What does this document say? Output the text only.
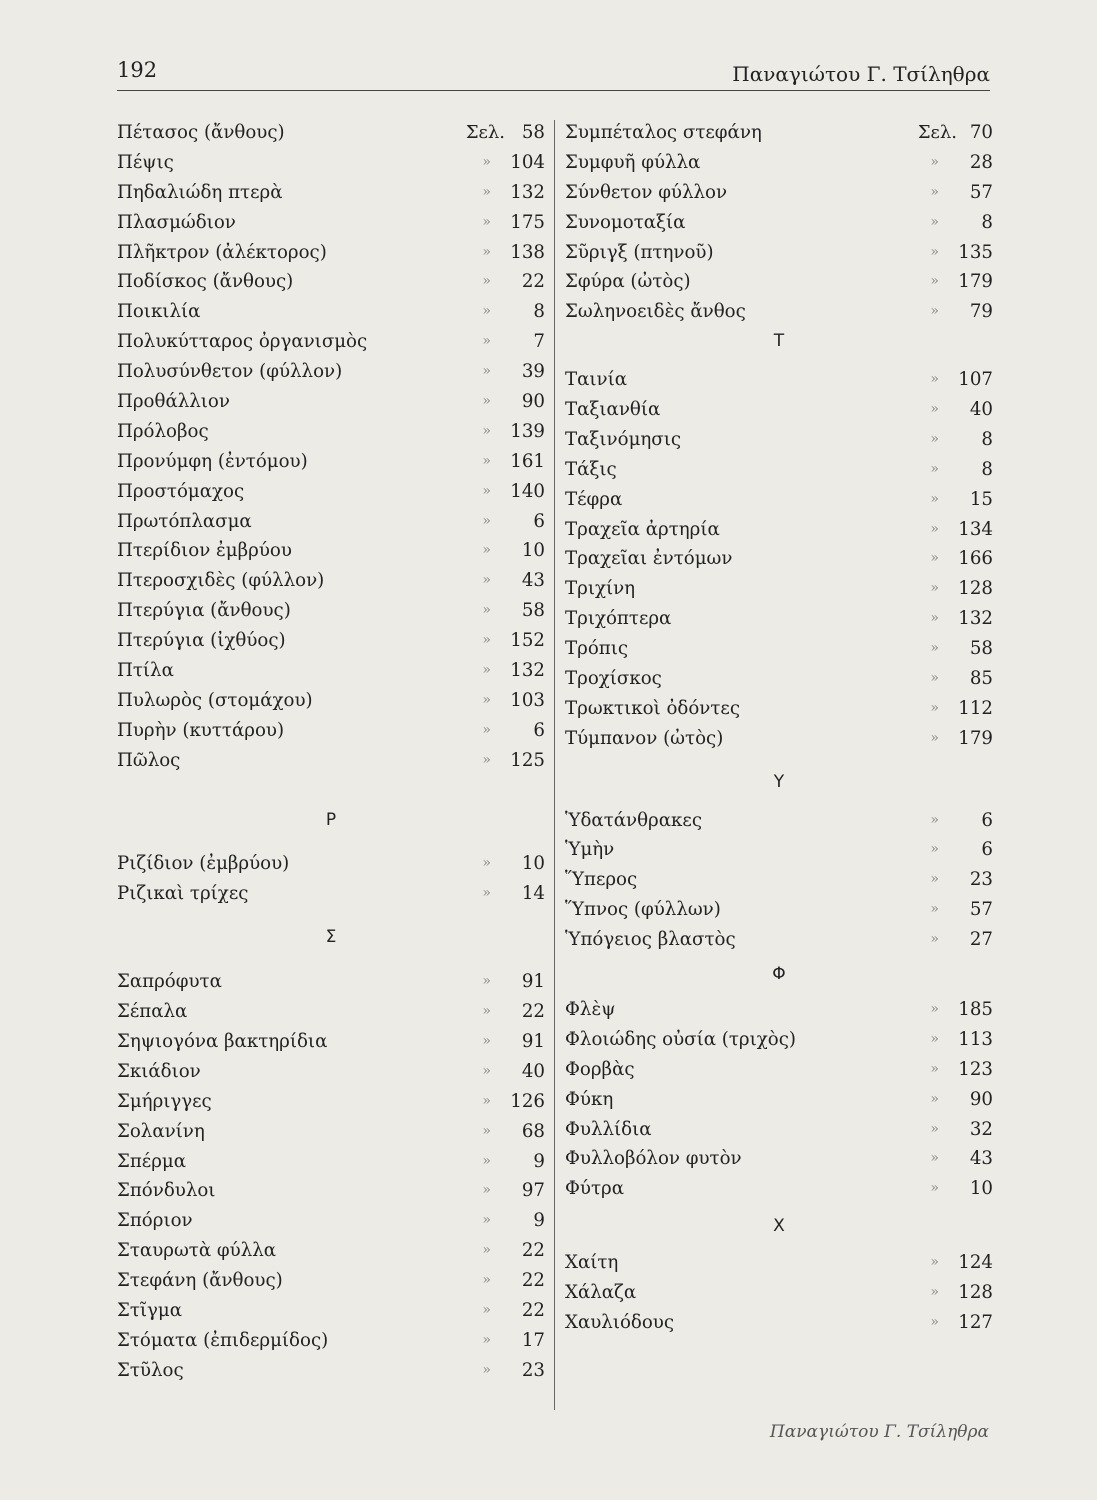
192	Παναγιώτου Γ. Τσίληθρα
Πέτασος (ἄνθους)	Σελ. 58
Πέψις	» 104
Πηδαλιώδη πτερὰ	» 132
Πλασμώδιον	» 175
Πλῆκτρον (ἀλέκτορος)	» 138
Ποδίσκος (ἄνθους)	» 22
Ποικιλία	» 8
Πολυκύτταρος ὀργανισμὸς	» 7
Πολυσύνθετον (φύλλον)	» 39
Προθάλλιον	» 90
Πρόλοβος	» 139
Προνύμφη (ἐντόμου)	» 161
Προστόμαχος	» 140
Πρωτόπλασμα	» 6
Πτερίδιον ἐμβρύου	» 10
Πτεροσχιδὲς (φύλλον)	» 43
Πτερύγια (ἄνθους)	» 58
Πτερύγια (ἰχθύος)	» 152
Πτίλα	» 132
Πυλωρὸς (στομάχου)	» 103
Πυρὴν (κυττάρου)	» 6
Πῶλος	» 125
Ρ
Ριζίδιον (ἐμβρύου)	» 10
Ριζικαὶ τρίχες	» 14
Σ
Σαπρόφυτα	» 91
Σέπαλα	» 22
Σηψιογόνα βακτηρίδια	» 91
Σκιάδιον	» 40
Σμήριγγες	» 126
Σολανίνη	» 68
Σπέρμα	» 9
Σπόνδυλοι	» 97
Σπόριον	» 9
Σταυρωτὰ φύλλα	» 22
Στεφάνη (ἄνθους)	» 22
Στῖγμα	» 22
Στόματα (ἐπιδερμίδος)	» 17
Στῦλος	» 23
Συμπέταλος στεφάνη	Σελ. 70
Συμφυῆ φύλλα	» 28
Σύνθετον φύλλον	» 57
Συνομοταξία	» 8
Σῦριγξ (πτηνοῦ)	» 135
Σφύρα (ὠτὸς)	» 179
Σωληνοειδὲς ἄνθος	» 79
Τ
Ταινία	» 107
Ταξιανθία	» 40
Ταξινόμησις	» 8
Τάξις	» 8
Τέφρα	» 15
Τραχεῖα ἀρτηρία	» 134
Τραχεῖαι ἐντόμων	» 166
Τριχίνη	» 128
Τριχόπτερα	» 132
Τρόπις	» 58
Τροχίσκος	» 85
Τρωκτικοὶ ὀδόντες	» 112
Τύμπανον (ὠτὸς)	» 179
Υ
Ὑδατάνθρακες	» 6
Ὑμὴν	» 6
Ὕπερος	» 23
Ὕπνος (φύλλων)	» 57
Ὑπόγειος βλαστὸς	» 27
Φ
Φλὲψ	» 185
Φλοιώδης οὐσία (τριχὸς)	» 113
Φορβὰς	» 123
Φύκη	» 90
Φυλλίδια	» 32
Φυλλοβόλον φυτὸν	» 43
Φύτρα	» 10
Χ
Χαίτη	» 124
Χάλαζα	» 128
Χαυλιόδους	» 127
Παναγιώτου Γ. Τσίληθρα
